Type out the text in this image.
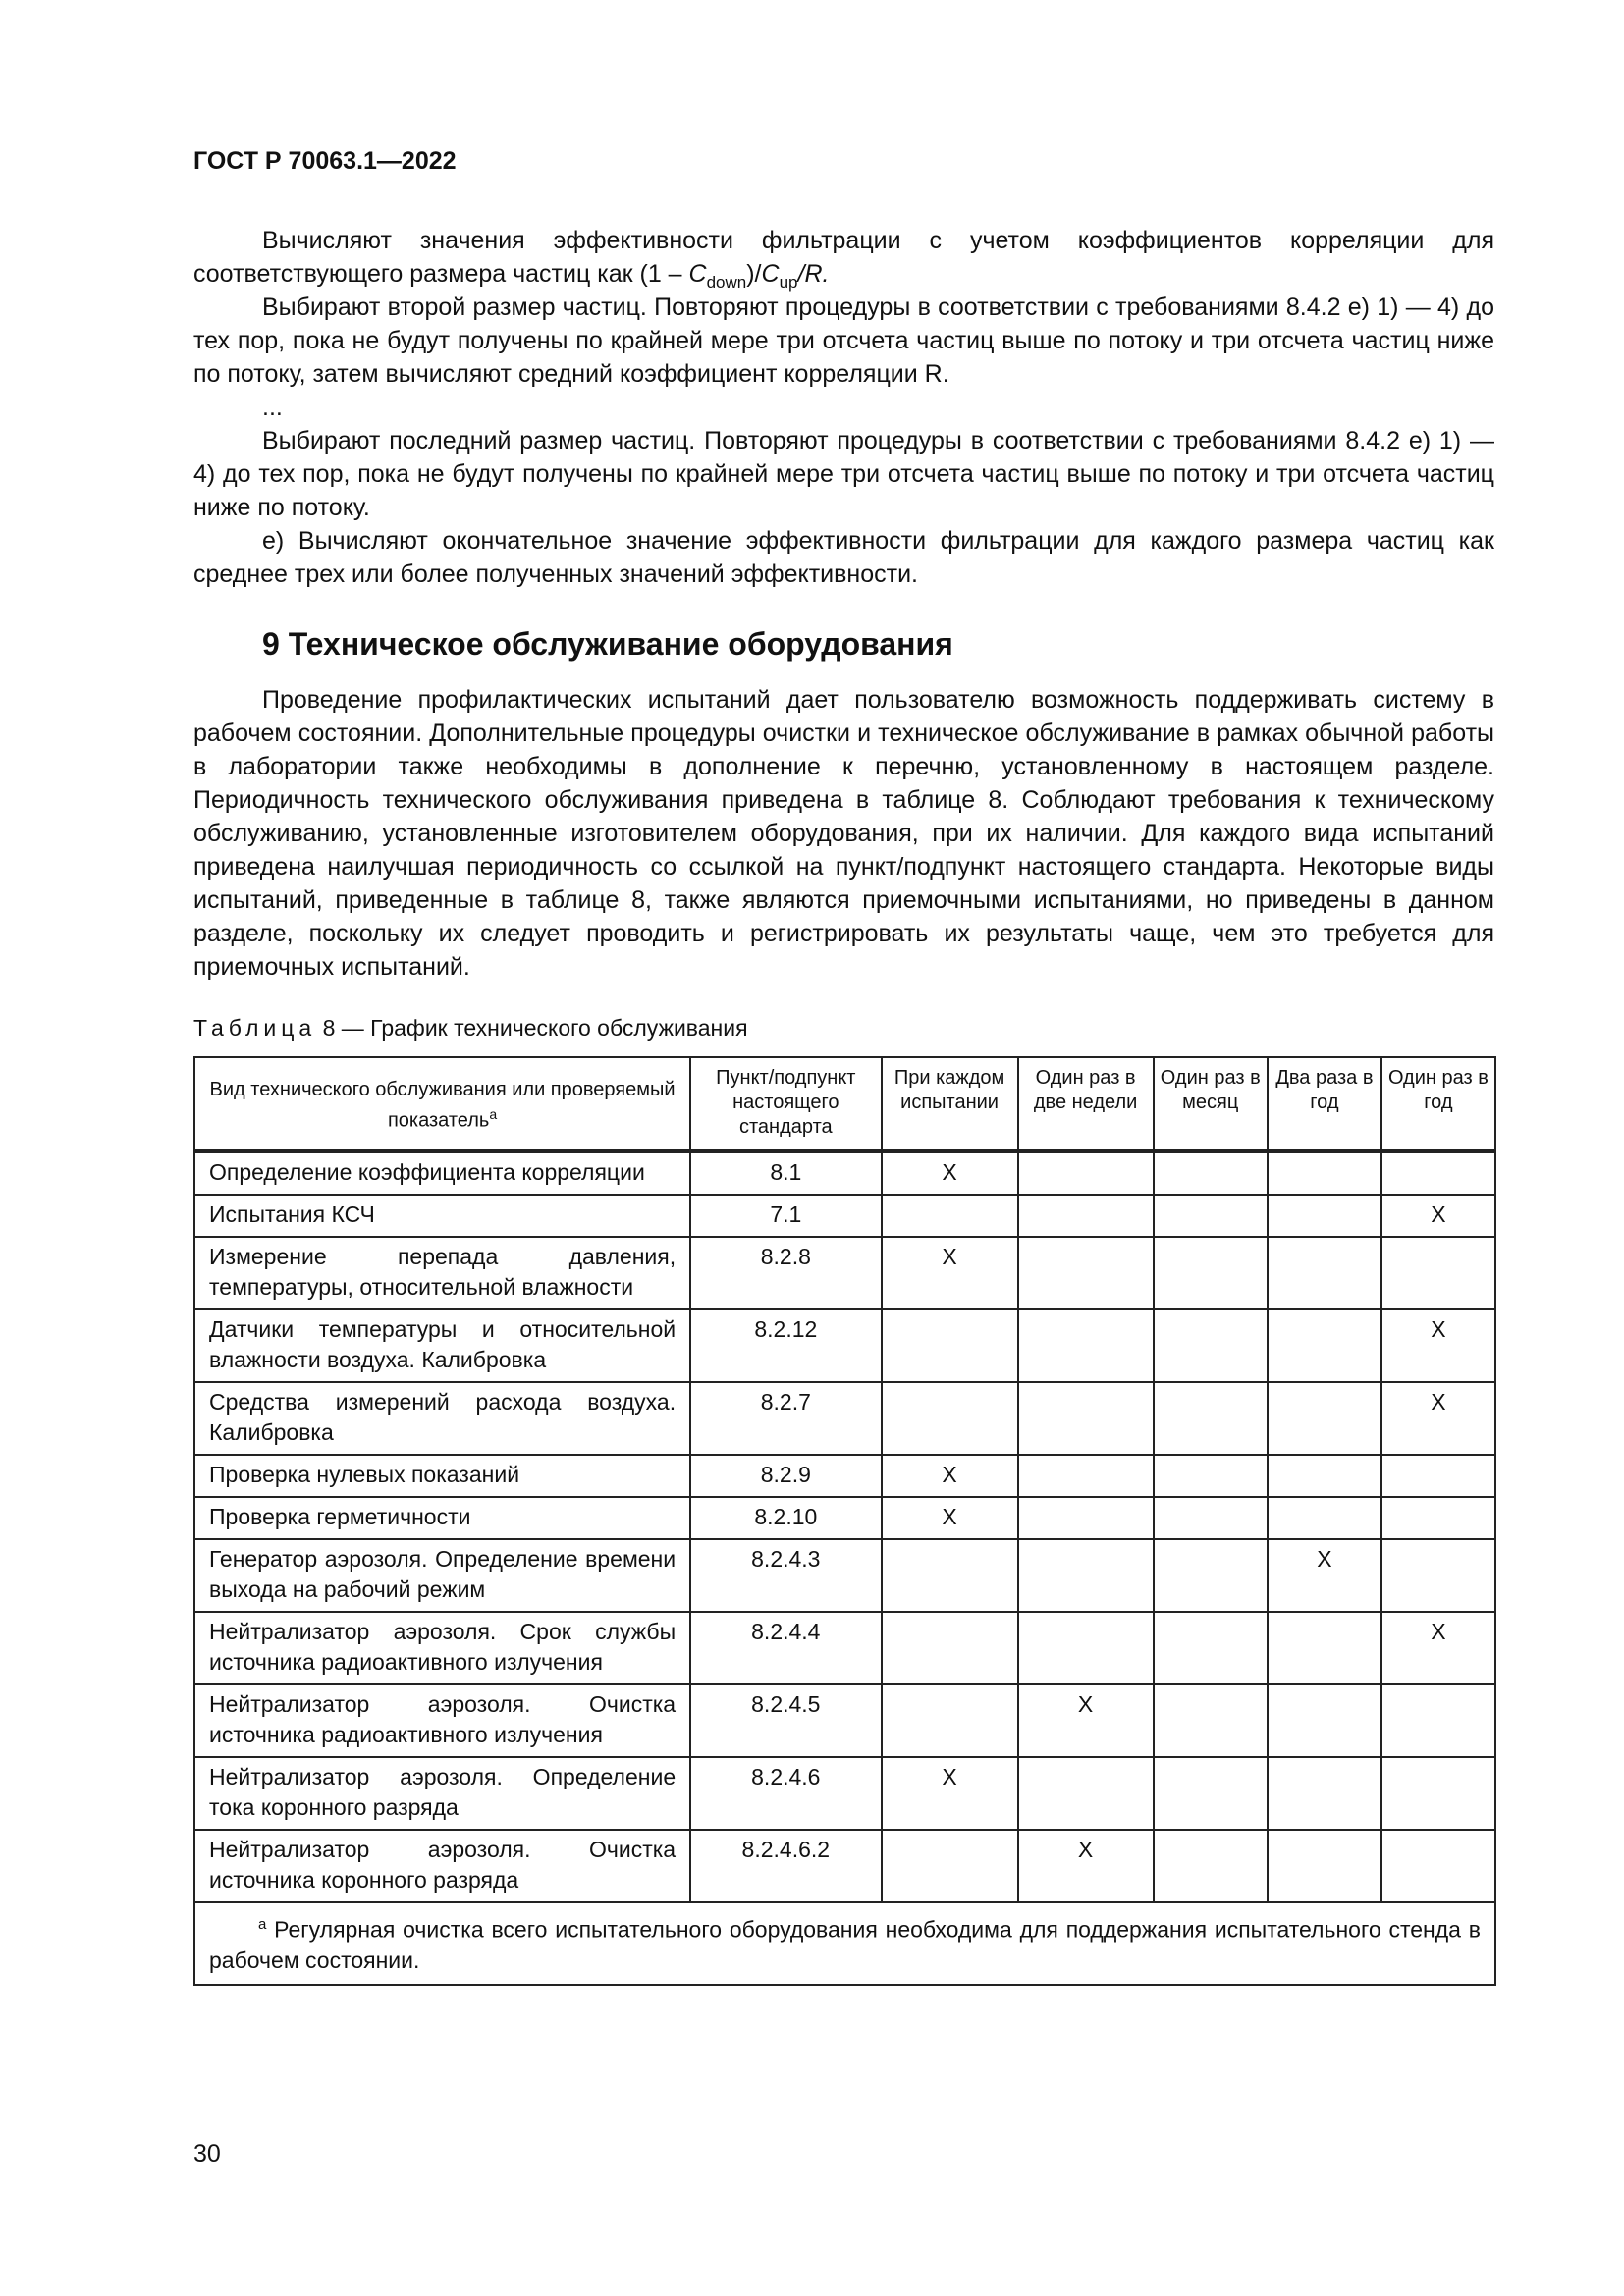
ГОСТ Р 70063.1—2022

Вычисляют значения эффективности фильтрации с учетом коэффициентов корреляции для соответствующего размера частиц как $(1 - C_{down})/C_{up}/R$.

Выбирают второй размер частиц. Повторяют процедуры в соответствии с требованиями 8.4.2 е) 1) — 4) до тех пор, пока не будут получены по крайней мере три отсчета частиц выше по потоку и три отсчета частиц ниже по потоку, затем вычисляют средний коэффициент корреляции R.

...

Выбирают последний размер частиц. Повторяют процедуры в соответствии с требованиями 8.4.2 е) 1) — 4) до тех пор, пока не будут получены по крайней мере три отсчета частиц выше по потоку и три отсчета частиц ниже по потоку.

е) Вычисляют окончательное значение эффективности фильтрации для каждого размера частиц как среднее трех или более полученных значений эффективности.

9 Техническое обслуживание оборудования

Проведение профилактических испытаний дает пользователю возможность поддерживать систему в рабочем состоянии. Дополнительные процедуры очистки и техническое обслуживание в рамках обычной работы в лаборатории также необходимы в дополнение к перечню, установленному в настоящем разделе. Периодичность технического обслуживания приведена в таблице 8. Соблюдают требования к техническому обслуживанию, установленные изготовителем оборудования, при их наличии. Для каждого вида испытаний приведена наилучшая периодичность со ссылкой на пункт/подпункт настоящего стандарта. Некоторые виды испытаний, приведенные в таблице 8, также являются приемочными испытаниями, но приведены в данном разделе, поскольку их следует проводить и регистрировать их результаты чаще, чем это требуется для приемочных испытаний.

Таблица 8 — График технического обслуживания
Вид технического обслуживания или проверяемый показатель$^а$	Пункт/подпункт настоящего стандарта	При каждом испытании	Один раз в две недели	Один раз в месяц	Два раза в год	Один раз в год
Определение коэффициента корреляции	8.1	X				
Испытания КСЧ	7.1					X
Измерение перепада давления, температуры, относительной влажности	8.2.8	X				
Датчики температуры и относительной влажности воздуха. Калибровка	8.2.12					X
Средства измерений расхода воздуха. Калибровка	8.2.7					X
Проверка нулевых показаний	8.2.9	X				
Проверка герметичности	8.2.10	X				
Генератор аэрозоля. Определение времени выхода на рабочий режим	8.2.4.3				X	
Нейтрализатор аэрозоля. Срок службы источника радиоактивного излучения	8.2.4.4					X
Нейтрализатор аэрозоля. Очистка источника радиоактивного излучения	8.2.4.5		X			
Нейтрализатор аэрозоля. Определение тока коронного разряда	8.2.4.6	X				
Нейтрализатор аэрозоля. Очистка источника коронного разряда	8.2.4.6.2		X			
$^а$ Регулярная очистка всего испытательного оборудования необходима для поддержания испытательного стенда в рабочем состоянии.						
30
